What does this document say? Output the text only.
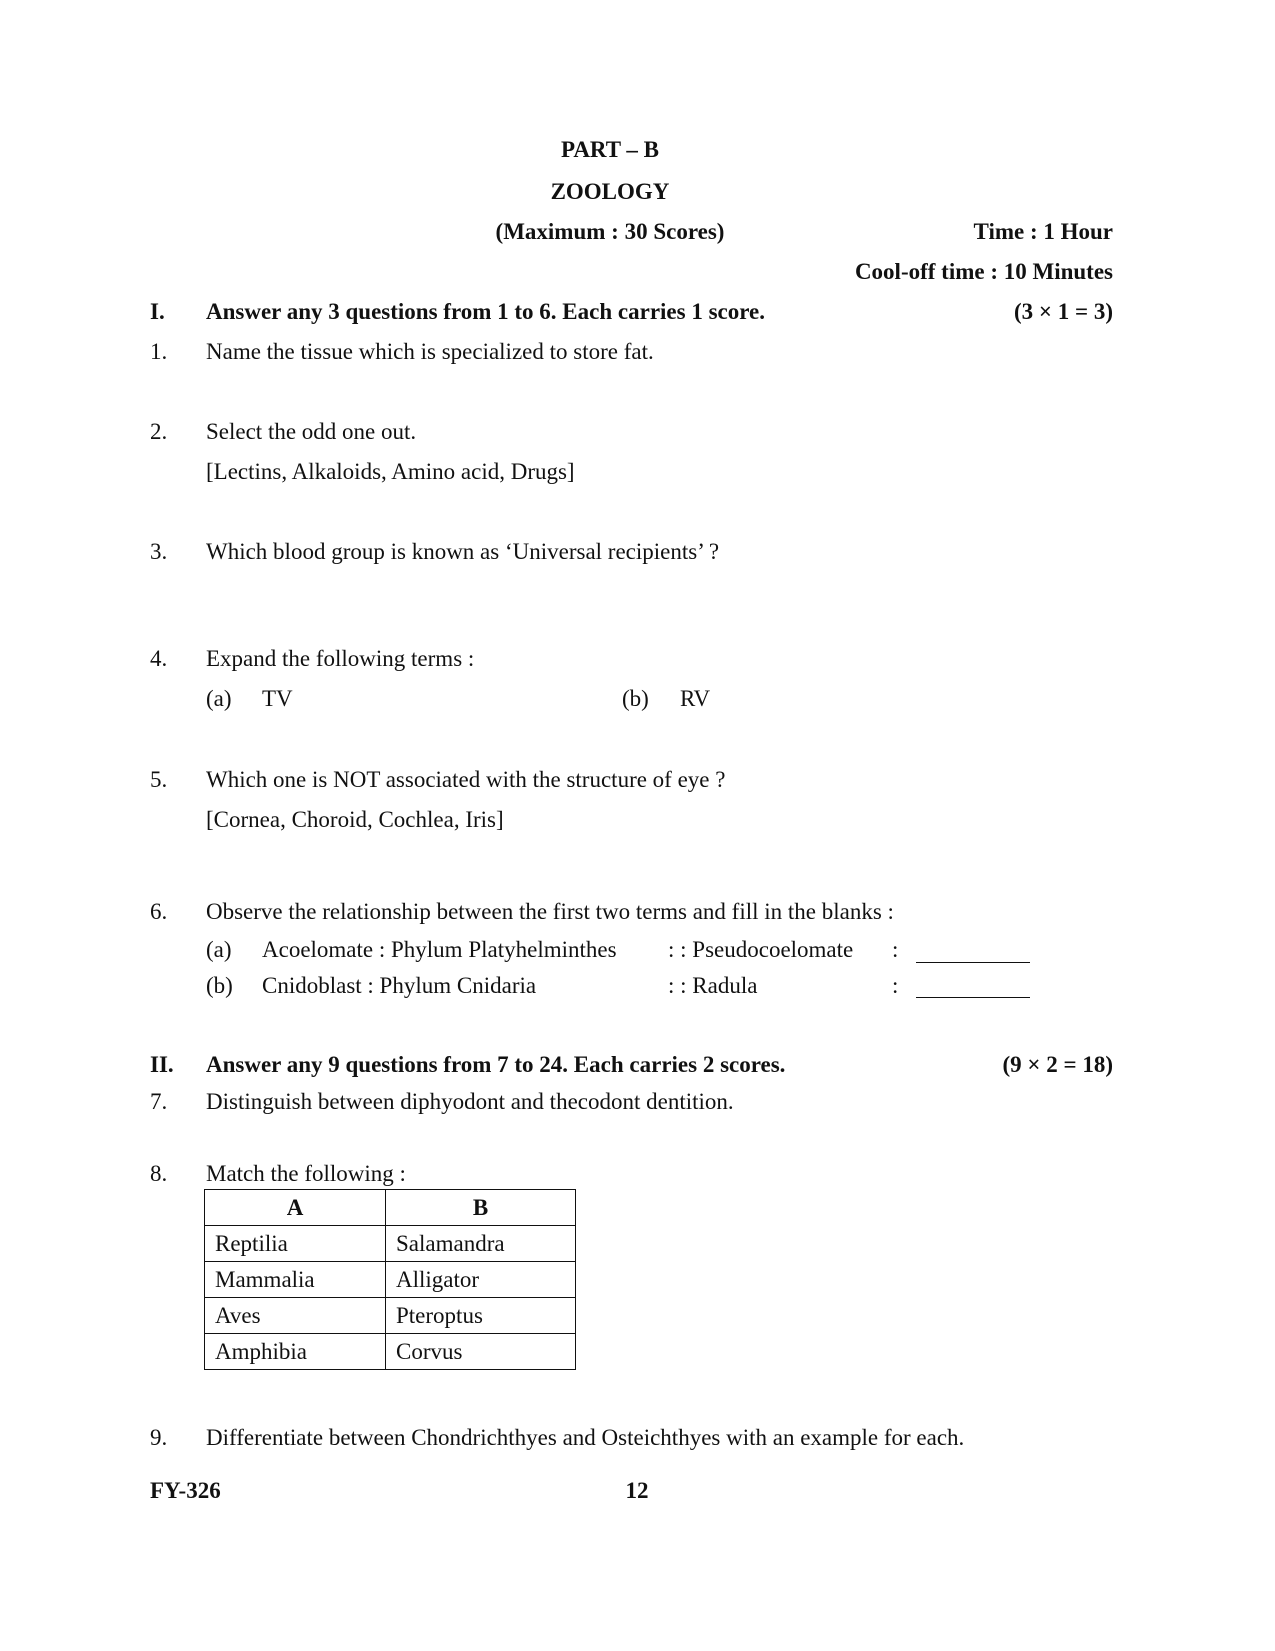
PART – B
ZOOLOGY
(Maximum : 30 Scores)	Time : 1 Hour
Cool-off time : 10 Minutes
I. Answer any 3 questions from 1 to 6. Each carries 1 score.	(3 × 1 = 3)
1. Name the tissue which is specialized to store fat.
2. Select the odd one out.
[Lectins, Alkaloids, Amino acid, Drugs]
3. Which blood group is known as ‘Universal recipients’ ?
4. Expand the following terms :
(a) TV	(b) RV
5. Which one is NOT associated with the structure of eye ?
[Cornea, Choroid, Cochlea, Iris]
6. Observe the relationship between the first two terms and fill in the blanks :
(a) Acoelomate : Phylum Platyhelminthes : : Pseudocoelomate :
(b) Cnidoblast : Phylum Cnidaria	: : Radula	:
II. Answer any 9 questions from 7 to 24. Each carries 2 scores.	(9 × 2 = 18)
7. Distinguish between diphyodont and thecodont dentition.
8. Match the following :
A	B
Reptilia	Salamandra
Mammalia	Alligator
Aves	Pteroptus
Amphibia	Corvus
9. Differentiate between Chondrichthyes and Osteichthyes with an example for each.
FY-326	12
